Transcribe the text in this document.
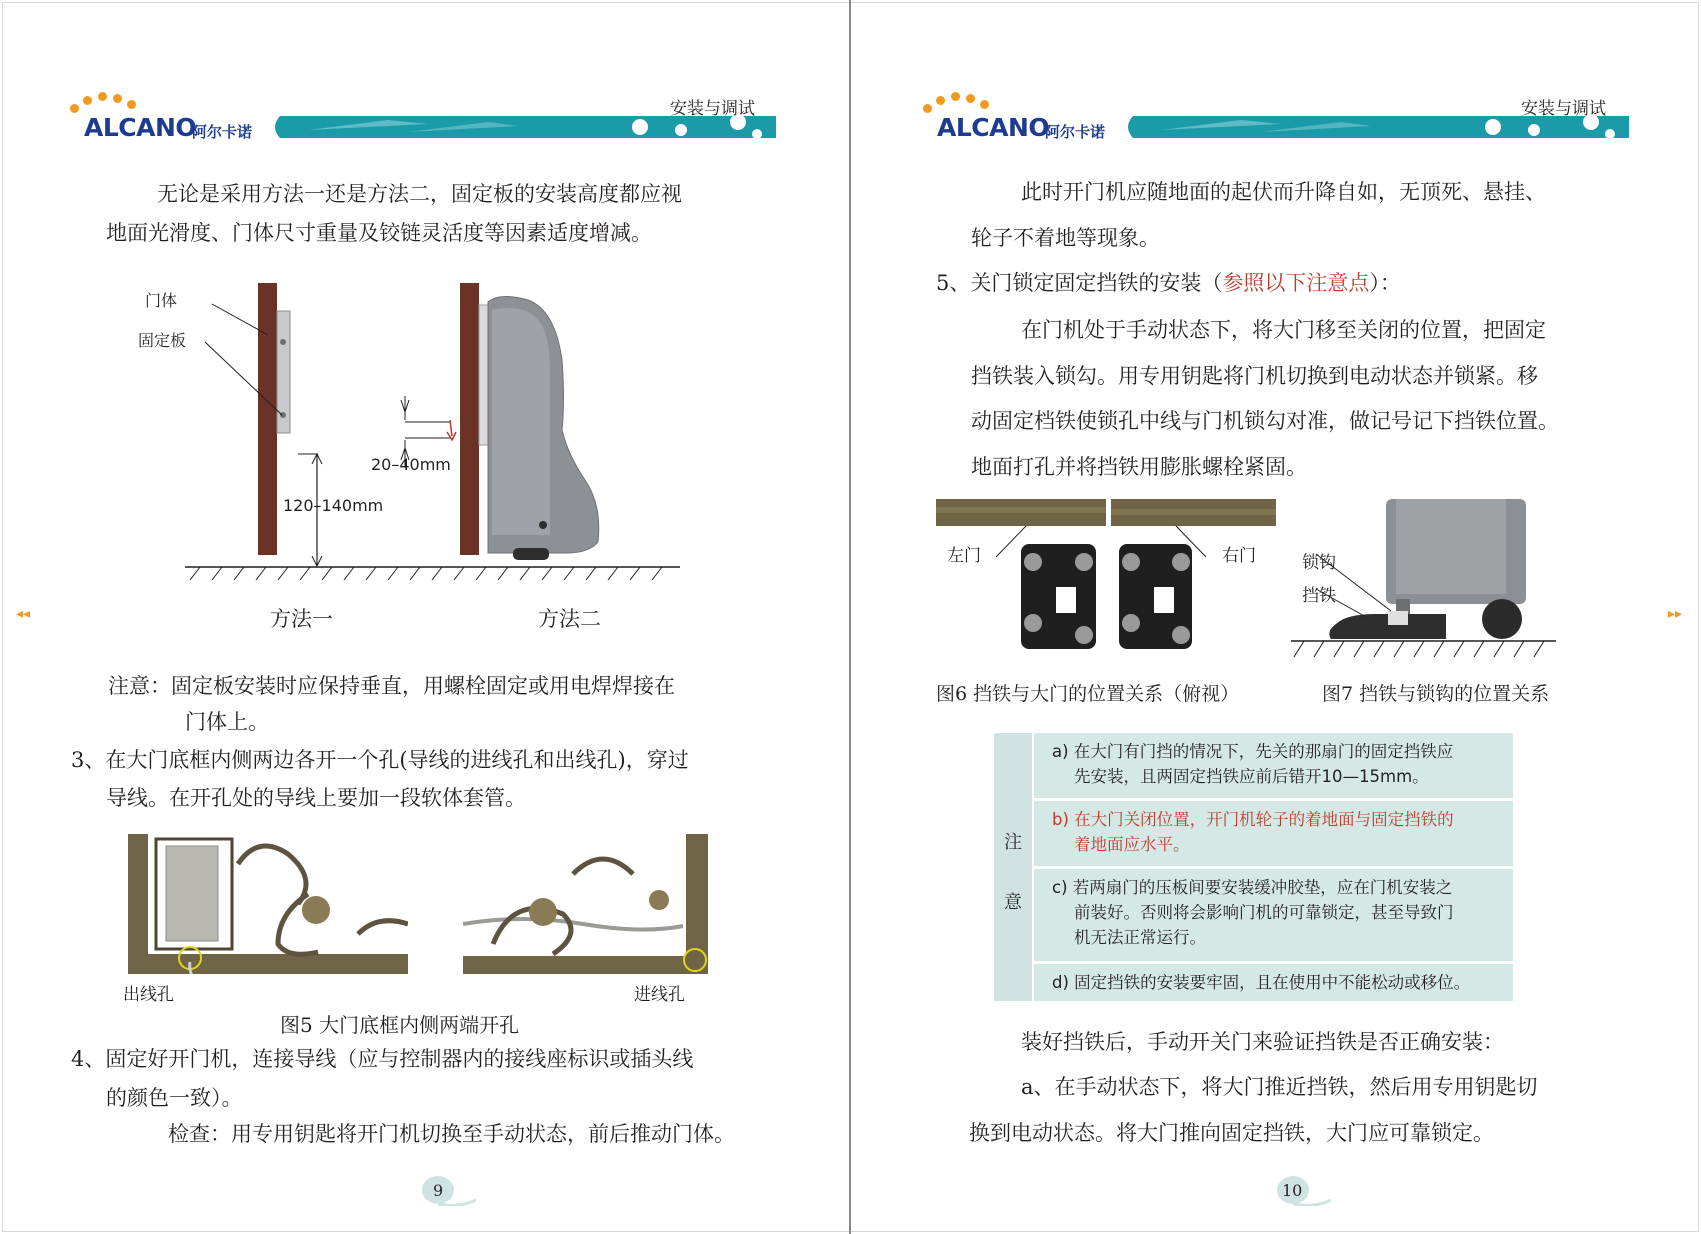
ALCANO
阿尔卡诺
安装与调试
无论是采用方法一还是方法二，固定板的安装高度都应视
地面光滑度、门体尺寸重量及铰链灵活度等因素适度增减。
门体
固定板
120–140mm
20–40mm
方法一	方法二
注意：固定板安装时应保持垂直，用螺栓固定或用电焊焊接在
门体上。
3、在大门底框内侧两边各开一个孔(导线的进线孔和出线孔)，穿过
导线。在开孔处的导线上要加一段软体套管。
出线孔	进线孔
图5 大门底框内侧两端开孔
4、固定好开门机，连接导线（应与控制器内的接线座标识或插头线
的颜色一致）。
检查：用专用钥匙将开门机切换至手动状态，前后推动门体。
9
◂◂
ALCANO
阿尔卡诺
安装与调试
此时开门机应随地面的起伏而升降自如，无顶死、悬挂、
轮子不着地等现象。
5、关门锁定固定挡铁的安装（参照以下注意点）：
在门机处于手动状态下，将大门移至关闭的位置，把固定
挡铁装入锁勾。用专用钥匙将门机切换到电动状态并锁紧。移
动固定档铁使锁孔中线与门机锁勾对准，做记号记下挡铁位置。
地面打孔并将挡铁用膨胀螺栓紧固。
左门	右门	锁钩
挡铁
图6 挡铁与大门的位置关系（俯视）	图7 挡铁与锁钩的位置关系
注
意
a) 在大门有门挡的情况下，先关的那扇门的固定挡铁应
先安装，且两固定挡铁应前后错开10—15mm。
b) 在大门关闭位置，开门机轮子的着地面与固定挡铁的
着地面应水平。
c) 若两扇门的压板间要安装缓冲胶垫，应在门机安装之
前装好。否则将会影响门机的可靠锁定，甚至导致门
机无法正常运行。
d) 固定挡铁的安装要牢固，且在使用中不能松动或移位。
装好挡铁后，手动开关门来验证挡铁是否正确安装：
a、在手动状态下，将大门推近挡铁，然后用专用钥匙切
换到电动状态。将大门推向固定挡铁，大门应可靠锁定。
10
▸▸
